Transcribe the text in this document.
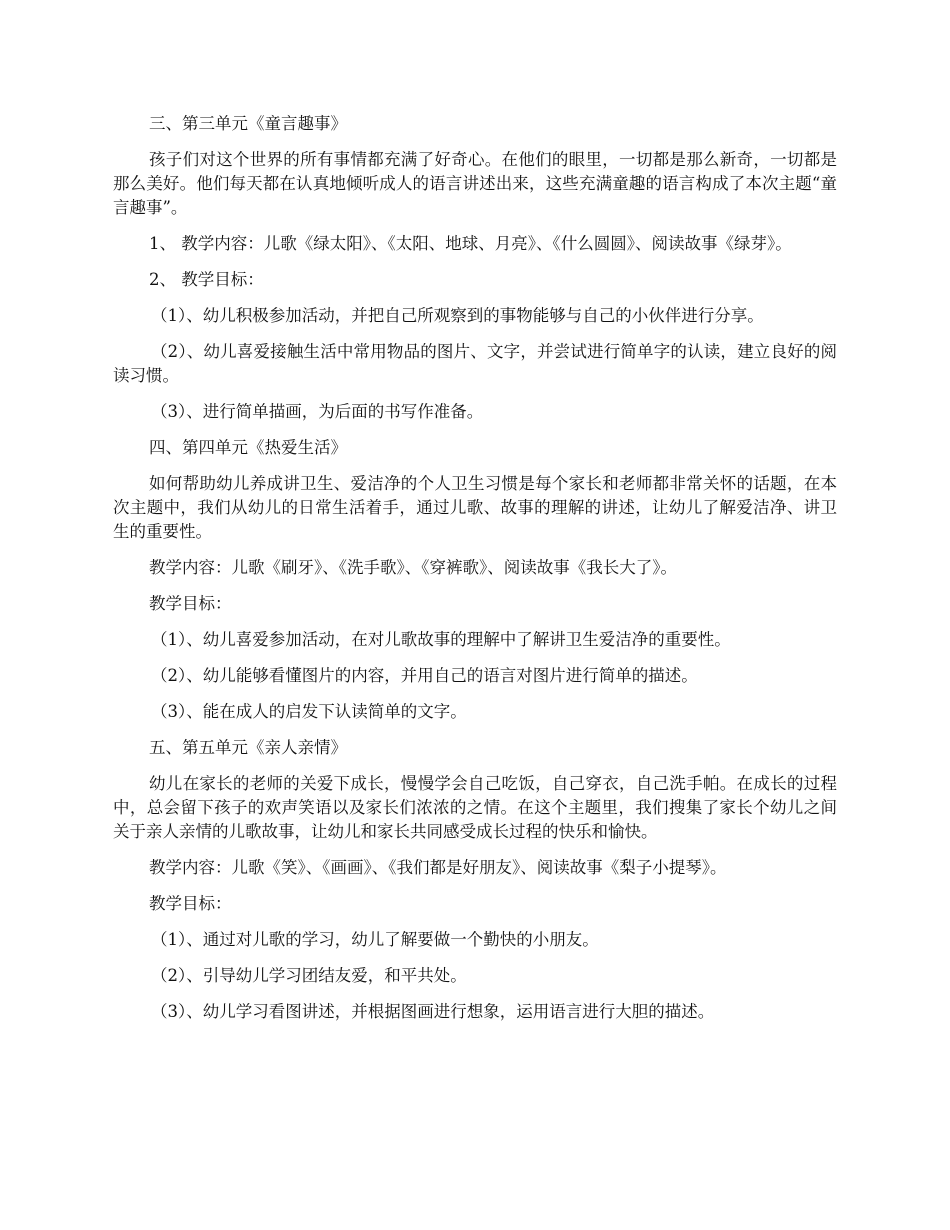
三、第三单元《童言趣事》

孩子们对这个世界的所有事情都充满了好奇心。在他们的眼里，一切都是那么新奇，一切都是那么美好。他们每天都在认真地倾听成人的语言讲述出来，这些充满童趣的语言构成了本次主题“童言趣事”。

1、 教学内容：儿歌《绿太阳》、《太阳、地球、月亮》、《什么圆圆》、阅读故事《绿芽》。

2、 教学目标：

（1）、幼儿积极参加活动，并把自己所观察到的事物能够与自己的小伙伴进行分享。

（2）、幼儿喜爱接触生活中常用物品的图片、文字，并尝试进行简单字的认读，建立良好的阅读习惯。

（3）、进行简单描画，为后面的书写作准备。

四、第四单元《热爱生活》

如何帮助幼儿养成讲卫生、爱洁净的个人卫生习惯是每个家长和老师都非常关怀的话题，在本次主题中，我们从幼儿的日常生活着手，通过儿歌、故事的理解的讲述，让幼儿了解爱洁净、讲卫生的重要性。

教学内容：儿歌《刷牙》、《洗手歌》、《穿裤歌》、阅读故事《我长大了》。

教学目标：

（1）、幼儿喜爱参加活动，在对儿歌故事的理解中了解讲卫生爱洁净的重要性。

（2）、幼儿能够看懂图片的内容，并用自己的语言对图片进行简单的描述。

（3）、能在成人的启发下认读简单的文字。

五、第五单元《亲人亲情》

幼儿在家长的老师的关爱下成长，慢慢学会自己吃饭，自己穿衣，自己洗手帕。在成长的过程中，总会留下孩子的欢声笑语以及家长们浓浓的之情。在这个主题里，我们搜集了家长个幼儿之间关于亲人亲情的儿歌故事，让幼儿和家长共同感受成长过程的快乐和愉快。

教学内容：儿歌《笑》、《画画》、《我们都是好朋友》、阅读故事《梨子小提琴》。

教学目标：

（1）、通过对儿歌的学习，幼儿了解要做一个勤快的小朋友。

（2）、引导幼儿学习团结友爱，和平共处。

（3）、幼儿学习看图讲述，并根据图画进行想象，运用语言进行大胆的描述。
